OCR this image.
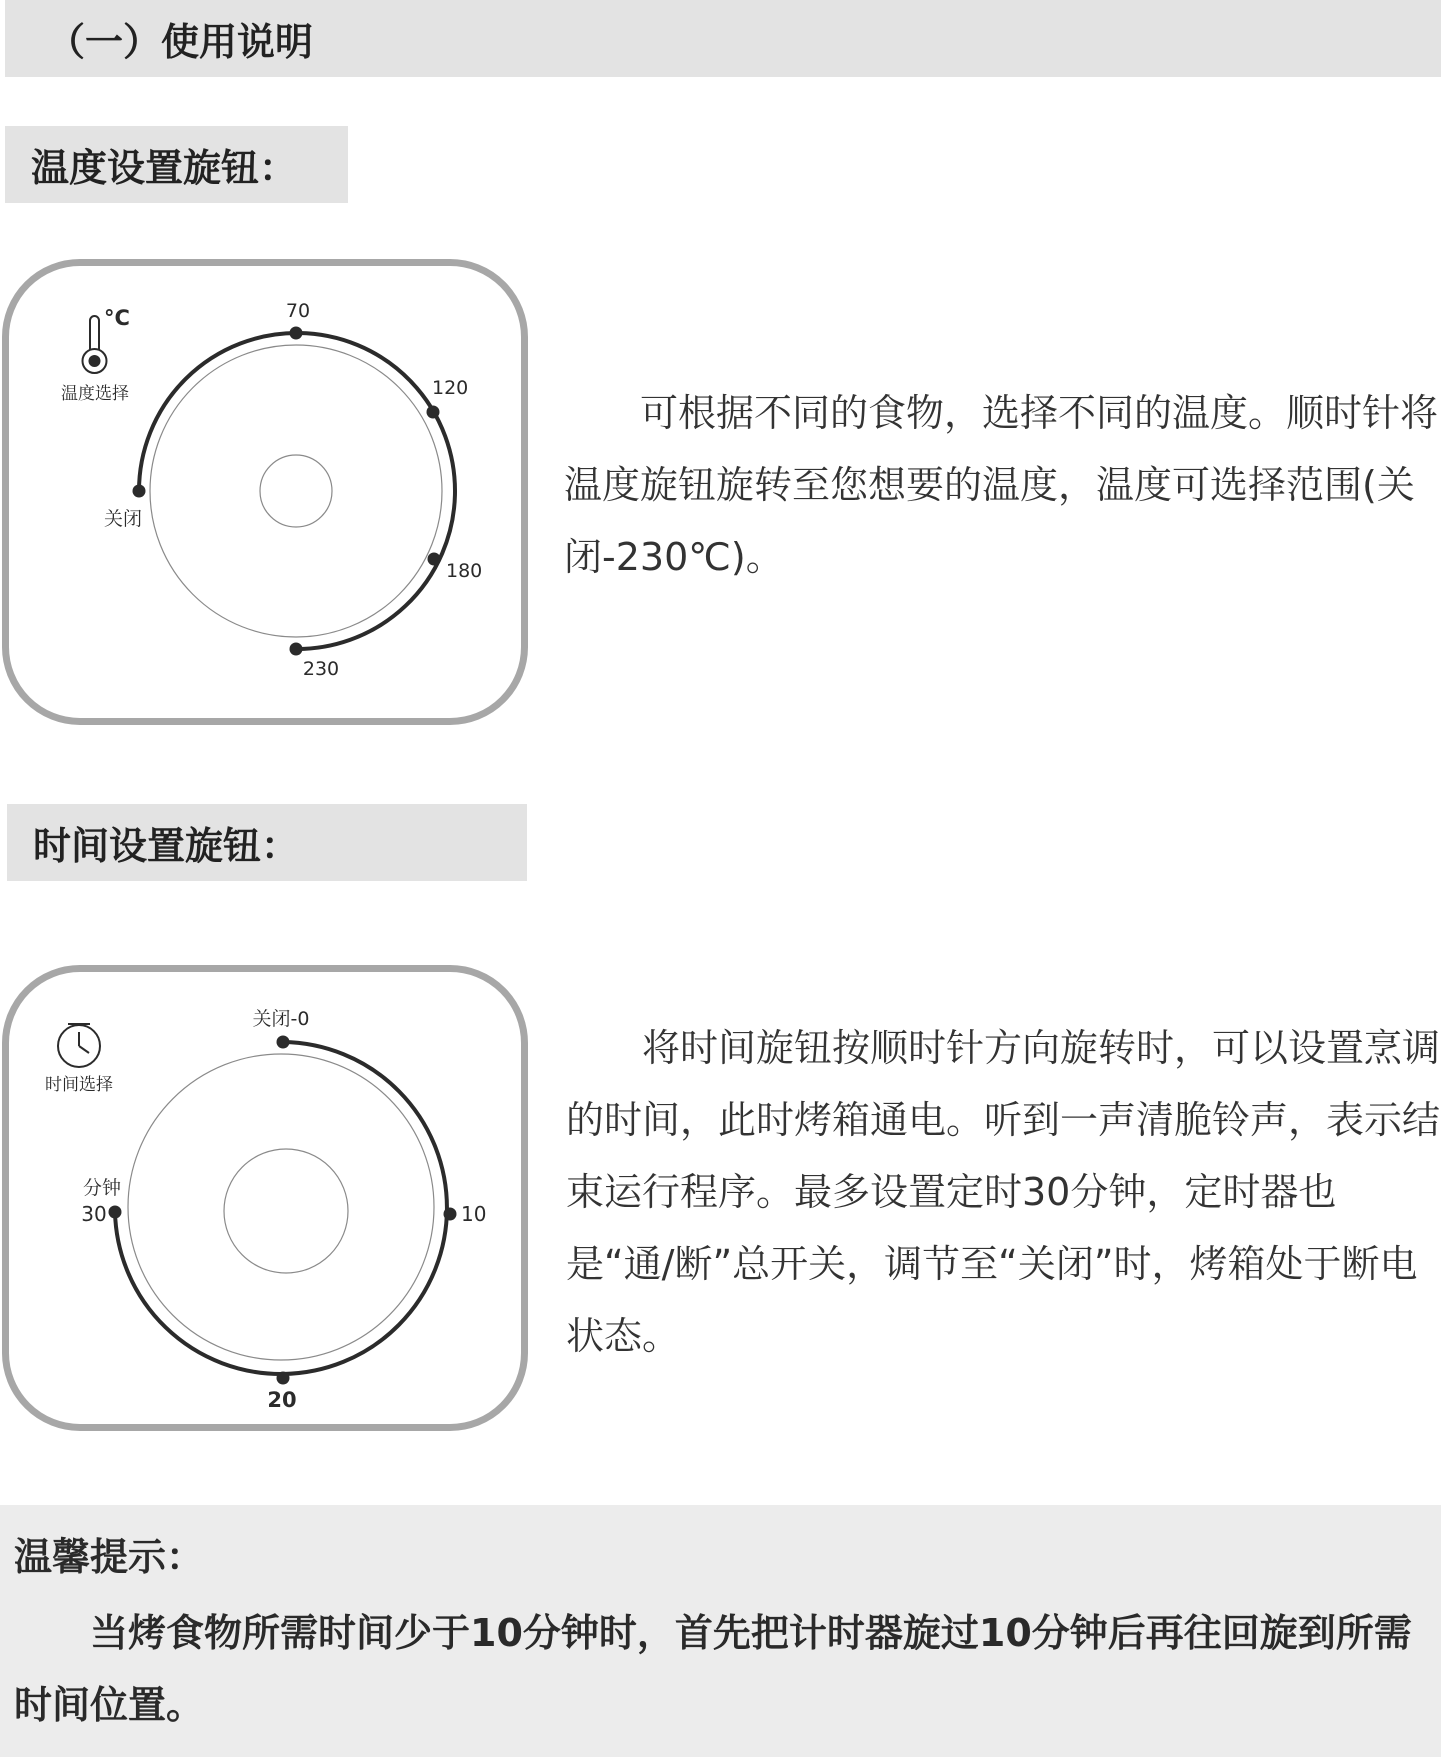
（一）使用说明
温度设置旋钮：
°C
温度选择
关闭
70
120
180
230

可根据不同的食物，选择不同的温度。顺时针将温度旋钮旋转至您想要的温度，温度可选择范围(关闭-230℃)。

时间设置旋钮：
时间选择
关闭-0
10
20
分钟
30

将时间旋钮按顺时针方向旋转时，可以设置烹调的时间，此时烤箱通电。听到一声清脆铃声，表示结束运行程序。最多设置定时30分钟，定时器也是“通/断”总开关，调节至“关闭”时，烤箱处于断电状态。

温馨提示：

当烤食物所需时间少于10分钟时，首先把计时器旋过10分钟后再往回旋到所需时间位置。
